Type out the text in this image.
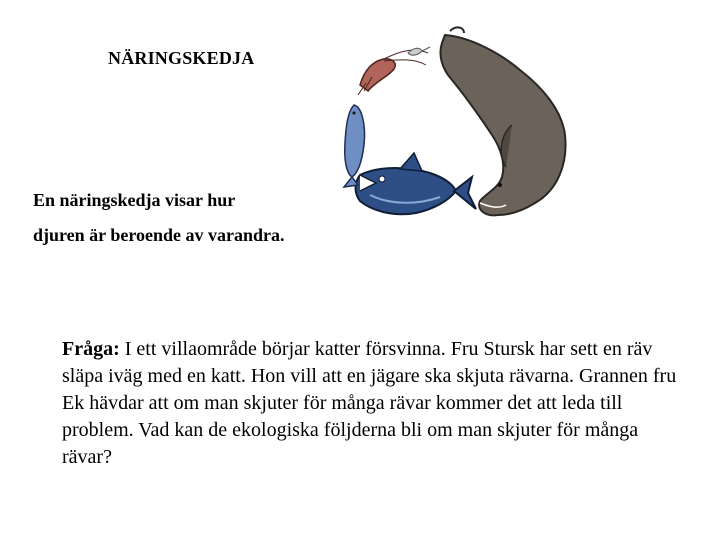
NÄRINGSKEDJA

En näringskedja visar hur

djuren är beroende av varandra.

Fråga: I ett villaområde börjar katter försvinna. Fru Stursk har sett en räv släpa iväg med en katt. Hon vill att en jägare ska skjuta rävarna. Grannen fru Ek hävdar att om man skjuter för många rävar kommer det att leda till problem. Vad kan de ekologiska följderna bli om man skjuter för många rävar?
